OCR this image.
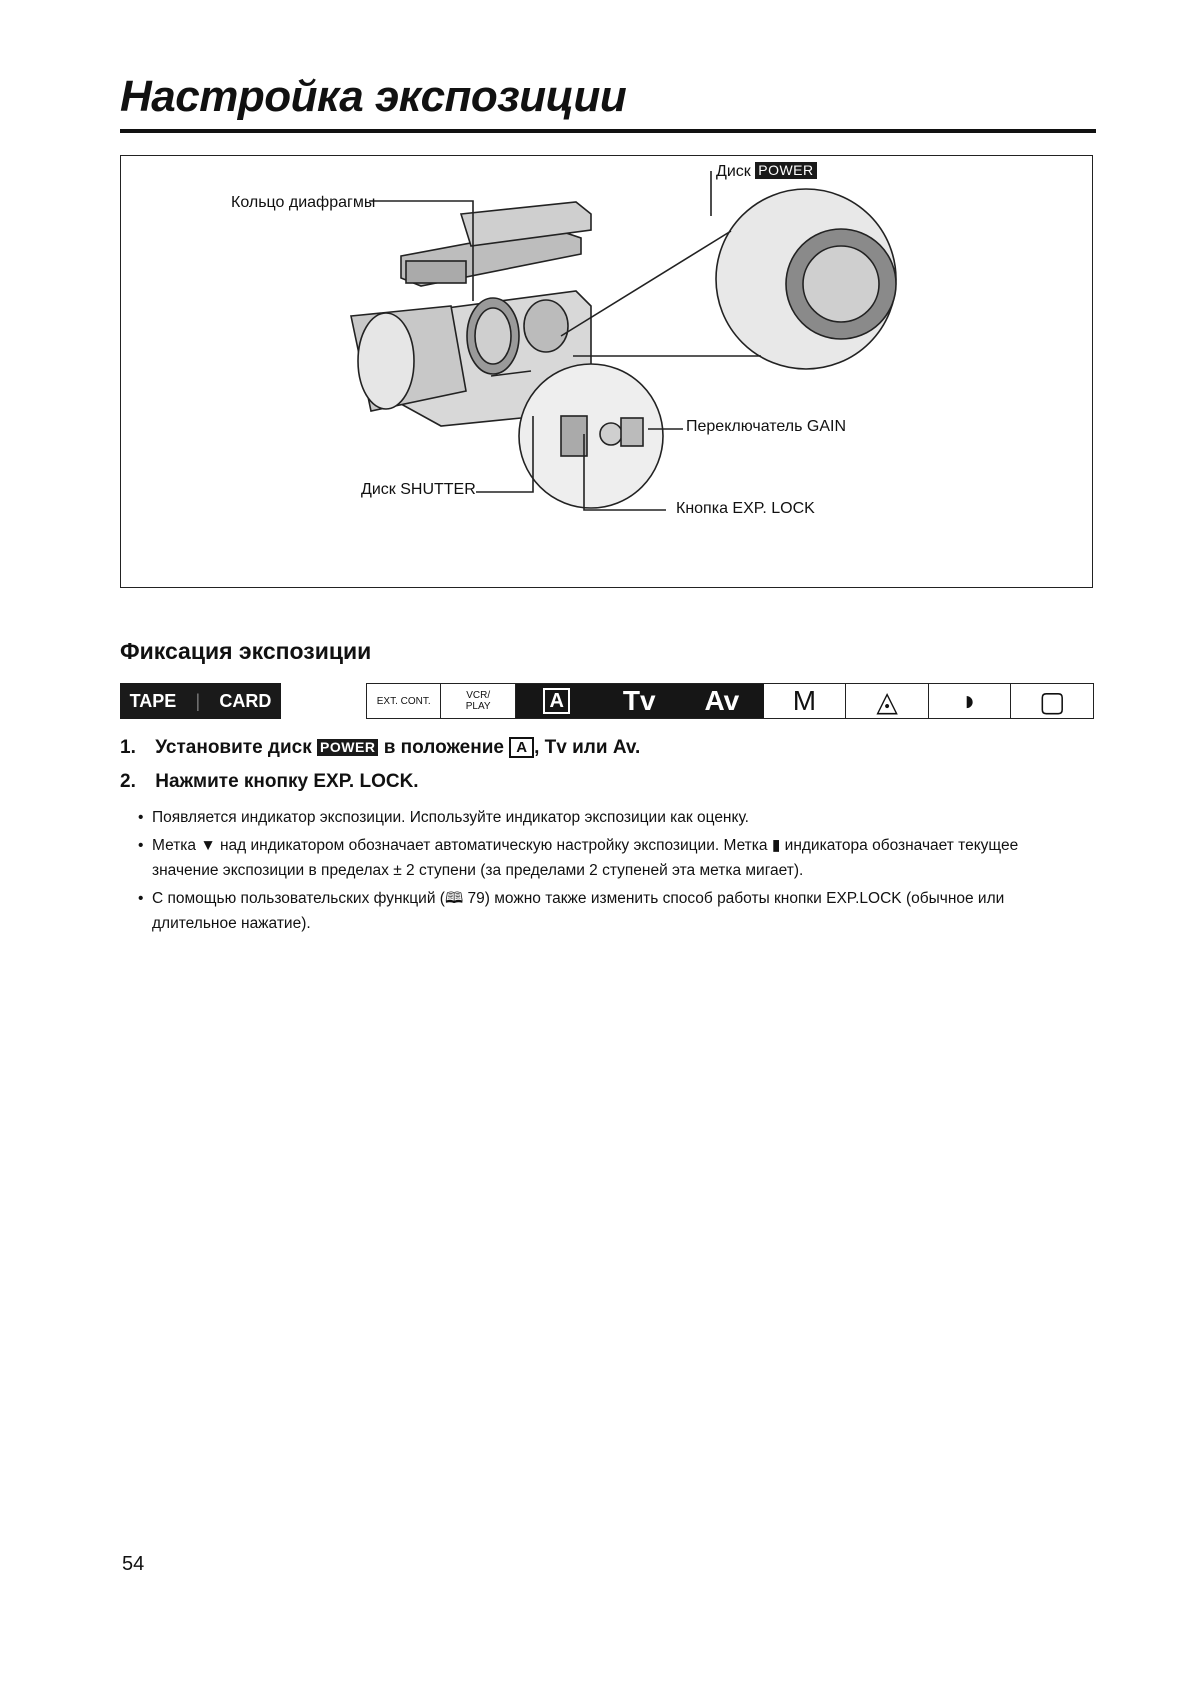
Настройка экспозиции
Кольцо диафрагмы
Диск POWER
Переключатель GAIN
Диск SHUTTER
Кнопка EXP. LOCK
Фиксация экспозиции
TAPE | CARD	EXT. CONT.	VCR/
PLAY	A	Tv	Av	M	◬	◗	▢

1. Установите диск POWER в положение A , Tv или Av.

2. Нажмите кнопку EXP. LOCK.

• Появляется индикатор экспозиции. Используйте индикатор экспозиции как оценку.
• Метка ▼ над индикатором обозначает автоматическую настройку экспозиции. Метка ▮ индикатора обозначает текущее значение экспозиции в пределах ± 2 ступени (за пределами 2 ступеней эта метка мигает).
• С помощью пользовательских функций (🕮 79) можно также изменить способ работы кнопки EXP.LOCK (обычное или длительное нажатие).
54
